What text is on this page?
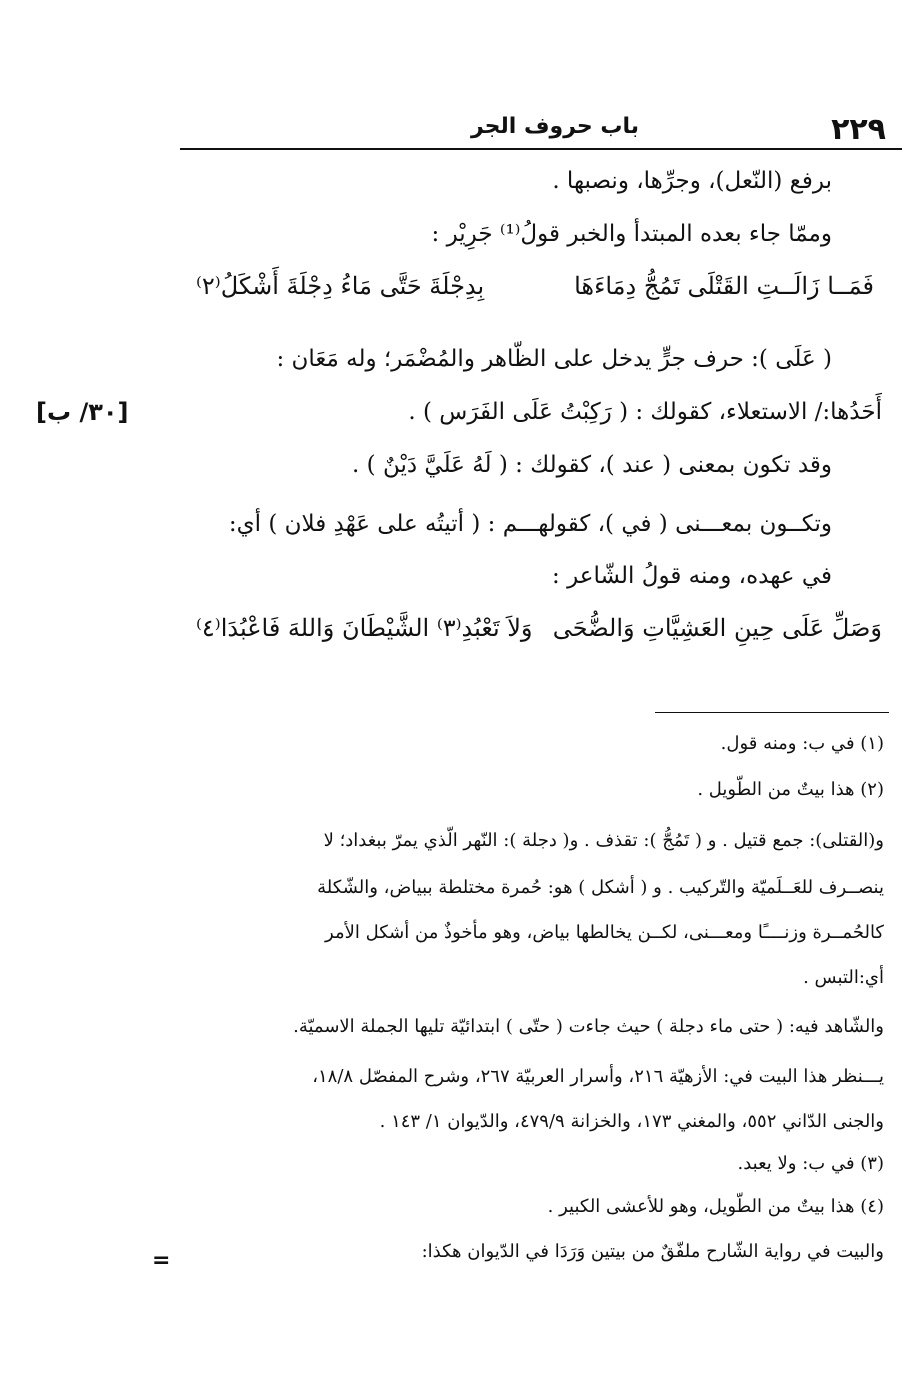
٢٢٩
باب حروف الجر
[٣٠/ ب]
برفع (النّعل)، وجرِّها، ونصبها .
وممّا جاء بعده المبتدأ والخبر قولُ⁽¹⁾ جَرِيْر :
فَمَــا زَالَــتِ القَتْلَى تَمُجُّ دِمَاءَهَا
بِدِجْلَةَ حَتَّى مَاءُ دِجْلَةَ أَشْكَلُ⁽٢⁾
( عَلَى ): حرف جرٍّ يدخل على الظّاهر والمُضْمَر؛ وله مَعَان :
أَحَدُها:/ الاستعلاء، كقولك : ( رَكِبْتُ عَلَى الفَرَس ) .
وقد تكون بمعنى ( عند )، كقولك : ( لَهُ عَلَيَّ دَيْنٌ ) .
وتكــون بمعـــنى ( في )، كقولهـــم : ( أتيتُه على عَهْدِ فلان ) أي:
في عهده، ومنه قولُ الشّاعر :
وَصَلِّ عَلَى حِينِ العَشِيَّاتِ وَالضُّحَى
وَلاَ تَعْبُدِ⁽٣⁾ الشَّيْطَانَ وَاللهَ فَاعْبُدَا⁽٤⁾
(١) في ب: ومنه قول.
(٢) هذا بيتٌ من الطّويل .
و(القتلى): جمع قتيل . و ( تَمُجُّ ): تقذف . و( دجلة ): النّهر الّذي يمرّ ببغداد؛ لا
ينصــرف للعَــلَميّة والتّركيب . و ( أشكل ) هو: حُمرة مختلطة ببياض، والشّكلة
كالحُمــرة وزنــــًا ومعـــنى، لكــن يخالطها بياض، وهو مأخوذٌ من أشكل الأمر
أي:التبس .
والشّاهد فيه: ( حتى ماء دجلة ) حيث جاءت ( حتّى ) ابتدائيّة تليها الجملة الاسميّة.
يـــنظر هذا البيت في: الأزهيّة ٢١٦، وأسرار العربيّة ٢٦٧، وشرح المفصّل ١٨/٨،
والجنى الدّاني ٥٥٢، والمغني ١٧٣، والخزانة ٤٧٩/٩، والدّيوان ١/ ١٤٣ .
(٣) في ب: ولا يعبد.
(٤) هذا بيتٌ من الطّويل، وهو للأعشى الكبير .
والبيت في رواية الشّارح ملفّقٌ من بيتين وَرَدَا في الدّيوان هكذا:
=
